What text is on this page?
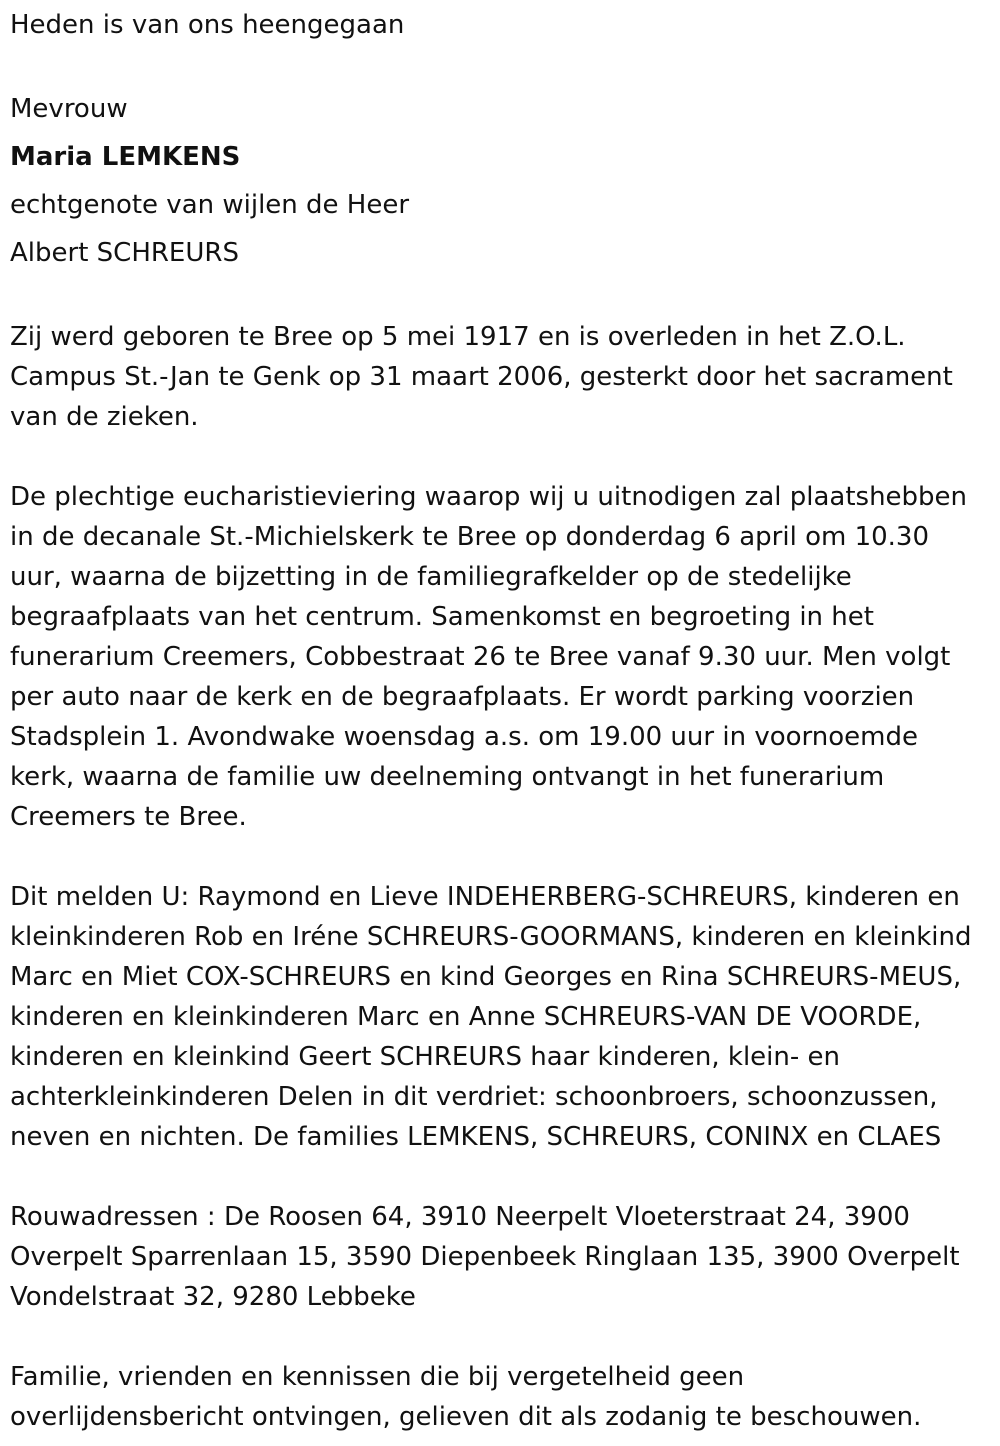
Heden is van ons heengegaan
Mevrouw
Maria LEMKENS
echtgenote van wijlen de Heer
Albert SCHREURS
Zij werd geboren te Bree op 5 mei 1917 en is overleden in het Z.O.L.
Campus St.-Jan te Genk op 31 maart 2006, gesterkt door het sacrament
van de zieken.
De plechtige eucharistieviering waarop wij u uitnodigen zal plaatshebben
in de decanale St.-Michielskerk te Bree op donderdag 6 april om 10.30
uur, waarna de bijzetting in de familiegrafkelder op de stedelijke
begraafplaats van het centrum. Samenkomst en begroeting in het
funerarium Creemers, Cobbestraat 26 te Bree vanaf 9.30 uur. Men volgt
per auto naar de kerk en de begraafplaats. Er wordt parking voorzien
Stadsplein 1. Avondwake woensdag a.s. om 19.00 uur in voornoemde
kerk, waarna de familie uw deelneming ontvangt in het funerarium
Creemers te Bree.
Dit melden U: Raymond en Lieve INDEHERBERG-SCHREURS, kinderen en
kleinkinderen Rob en Iréne SCHREURS-GOORMANS, kinderen en kleinkind
Marc en Miet COX-SCHREURS en kind Georges en Rina SCHREURS-MEUS,
kinderen en kleinkinderen Marc en Anne SCHREURS-VAN DE VOORDE,
kinderen en kleinkind Geert SCHREURS haar kinderen, klein- en
achterkleinkinderen Delen in dit verdriet: schoonbroers, schoonzussen,
neven en nichten. De families LEMKENS, SCHREURS, CONINX en CLAES
Rouwadressen : De Roosen 64, 3910 Neerpelt Vloeterstraat 24, 3900
Overpelt Sparrenlaan 15, 3590 Diepenbeek Ringlaan 135, 3900 Overpelt
Vondelstraat 32, 9280 Lebbeke
Familie, vrienden en kennissen die bij vergetelheid geen
overlijdensbericht ontvingen, gelieven dit als zodanig te beschouwen.
